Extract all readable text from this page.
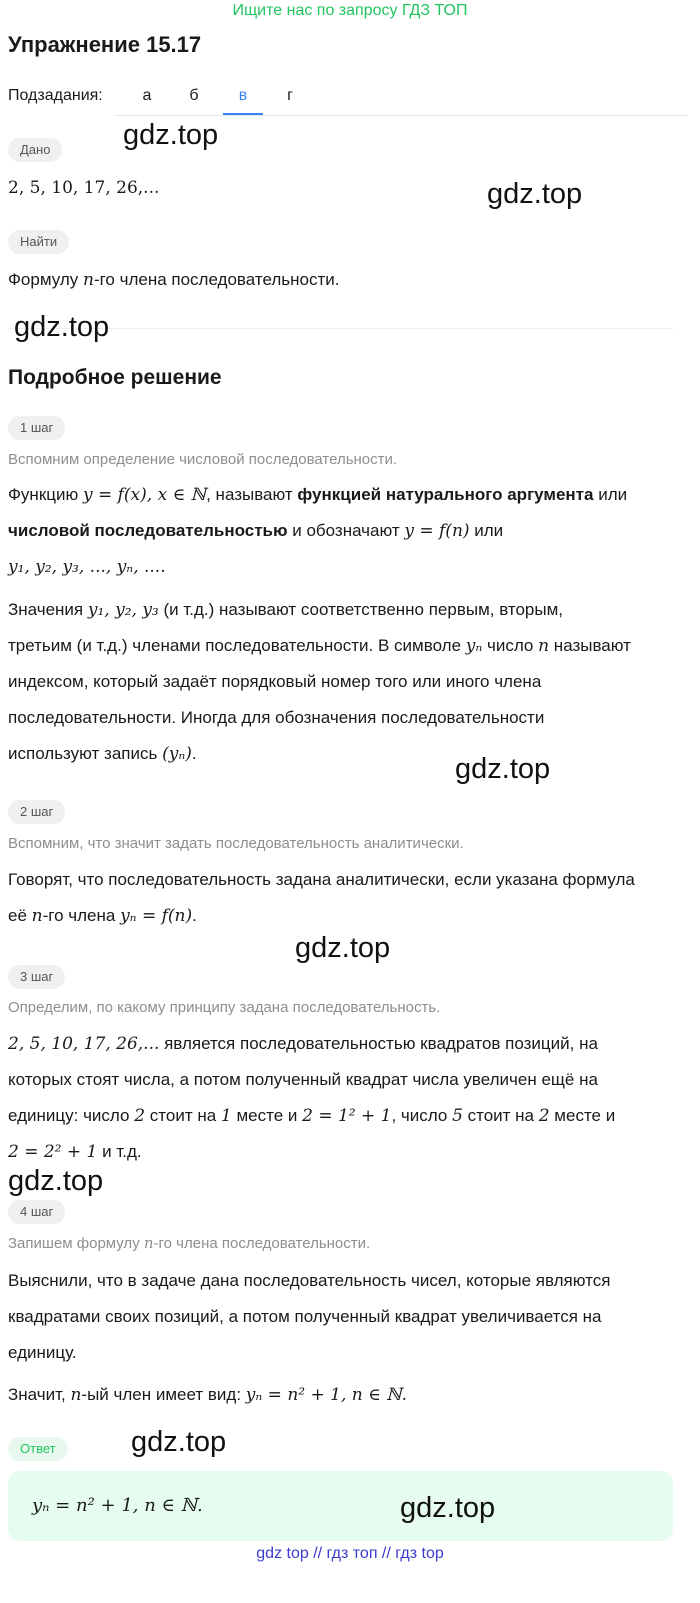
Ищите нас по запросу ГДЗ ТОП
Упражнение 15.17
Подзадания:	а	б	в	г
Дано
2, 5, 10, 17, 26,...
Найти
Формулу n-го члена последовательности.
Подробное решение
1 шаг
Вспомним определение числовой последовательности.
Функцию y = f(x), x ∈ ℕ, называют функцией натурального аргумента или
числовой последовательностью и обозначают y = f(n) или
y₁, y₂, y₃, ..., yₙ, ....
Значения y₁, y₂, y₃ (и т.д.) называют соответственно первым, вторым,
третьим (и т.д.) членами последовательности. В символе yₙ число n называют
индексом, который задаёт порядковый номер того или иного члена
последовательности. Иногда для обозначения последовательности
используют запись (yₙ).
2 шаг
Вспомним, что значит задать последовательность аналитически.
Говорят, что последовательность задана аналитически, если указана формула
её n-го члена yₙ = f(n).
3 шаг
Определим, по какому принципу задана последовательность.
2, 5, 10, 17, 26,... является последовательностью квадратов позиций, на
которых стоят числа, а потом полученный квадрат числа увеличен ещё на
единицу: число 2 стоит на 1 месте и 2 = 1² + 1, число 5 стоит на 2 месте и
2 = 2² + 1 и т.д.
4 шаг
Запишем формулу n-го члена последовательности.
Выяснили, что в задаче дана последовательность чисел, которые являются
квадратами своих позиций, а потом полученный квадрат увеличивается на
единицу.
Значит, n-ый член имеет вид: yₙ = n² + 1, n ∈ ℕ.
Ответ
yₙ = n² + 1, n ∈ ℕ.
gdz.top
gdz.top
gdz.top
gdz.top
gdz.top
gdz.top
gdz.top
gdz.top
gdz top // гдз топ // гдз top
